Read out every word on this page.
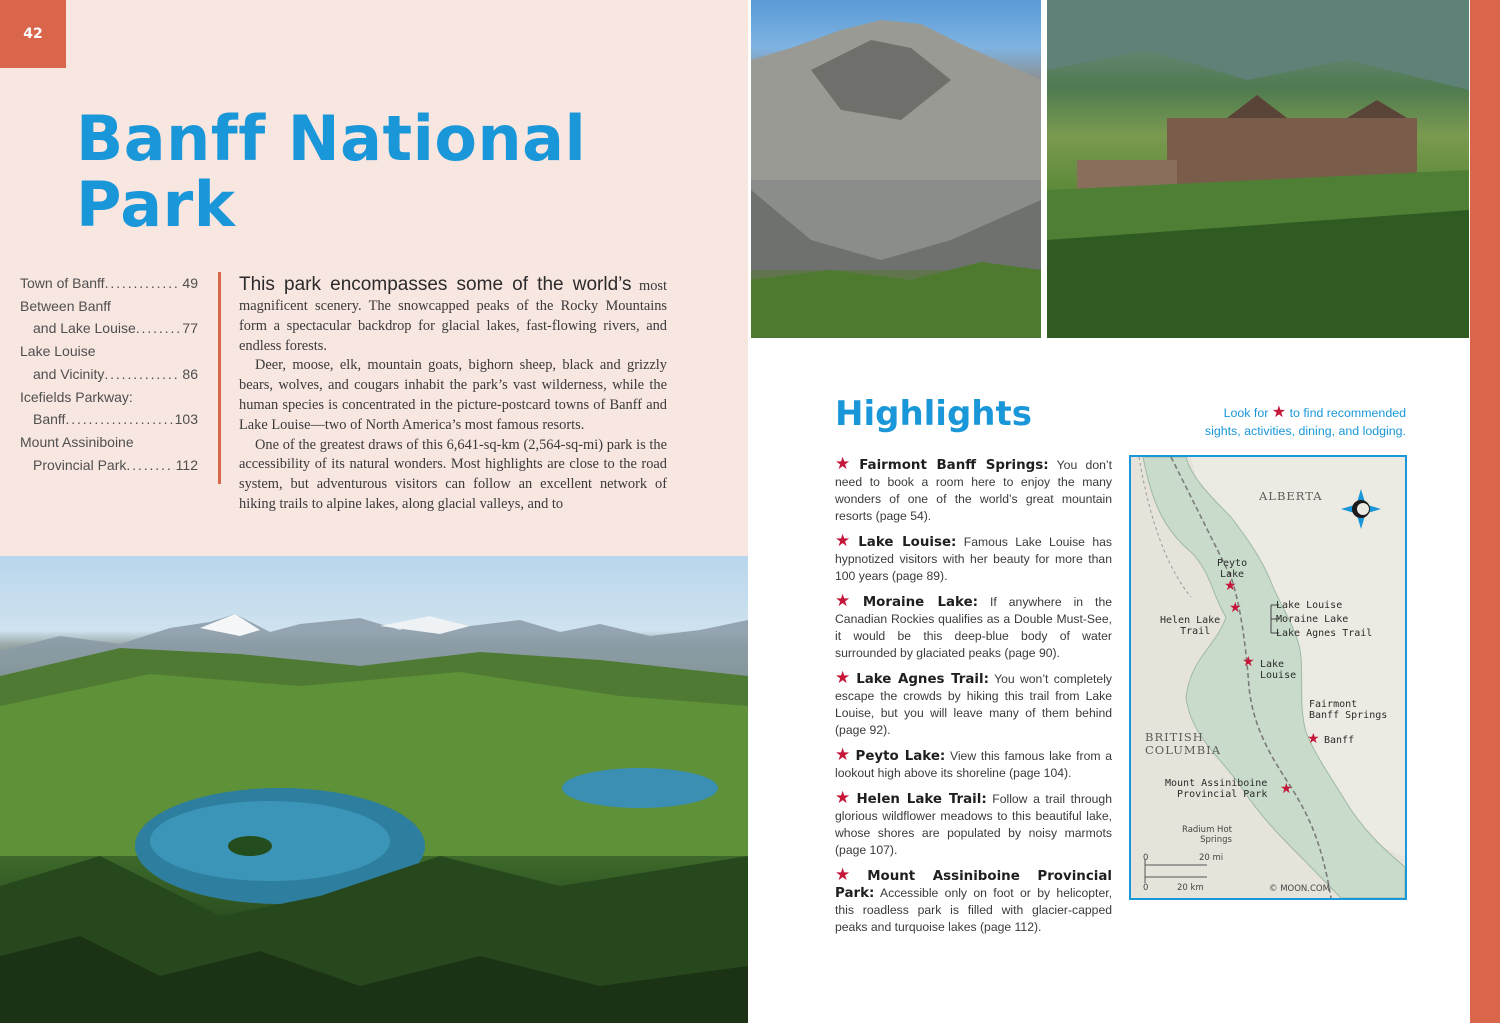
42
Banff National
Park
Town of Banff . . .	49
Between Banff
and Lake Louise . . .	77
Lake Louise
and Vicinity . . .	86
Icefields Parkway:
Banff . . .	103
Mount Assiniboine
Provincial Park . . .	112

This park encompasses some of the world’s most magnificent scenery. The snowcapped peaks of the Rocky Mountains form a spectacular backdrop for glacial lakes, fast-flowing rivers, and endless forests.

Deer, moose, elk, mountain goats, bighorn sheep, black and grizzly bears, wolves, and cougars inhabit the park’s vast wilderness, while the human species is concentrated in the picture-postcard towns of Banff and Lake Louise—two of North America’s most famous resorts.

One of the greatest draws of this 6,641-sq-km (2,564-sq-mi) park is the accessibility of its natural wonders. Most highlights are close to the road system, but adventurous visitors can follow an excellent network of hiking trails to alpine lakes, along glacial valleys, and to

Highlights	Look for ★ to find recommended sights, activities, dining, and lodging.
★ Fairmont Banff Springs: You don’t need to book a room here to enjoy the many wonders of one of the world’s great mountain resorts (page 54).
★ Lake Louise: Famous Lake Louise has hypnotized visitors with her beauty for more than 100 years (page 89).
★ Moraine Lake: If anywhere in the Canadian Rockies qualifies as a Double Must-See, it would be this deep-blue body of water surrounded by glaciated peaks (page 90).
★ Lake Agnes Trail: You won’t completely escape the crowds by hiking this trail from Lake Louise, but you will leave many of them behind (page 92).
★ Peyto Lake: View this famous lake from a lookout high above its shoreline (page 104).
★ Helen Lake Trail: Follow a trail through glorious wildflower meadows to this beautiful lake, whose shores are populated by noisy marmots (page 107).
★ Mount Assiniboine Provincial Park: Accessible only on foot or by helicopter, this roadless park is filled with glacier-capped peaks and turquoise lakes (page 112).
★
★
★
★
★
ALBERTA
BRITISH
COLUMBIA
Peyto
Lake
Helen Lake
Trail
Lake Louise
Moraine Lake
Lake Agnes Trail
Lake
Louise
Fairmont
Banff Springs
Banff
Mount Assiniboine
Provincial Park
Radium Hot
Springs
0	20 mi
0	20 km	© MOON.COM
